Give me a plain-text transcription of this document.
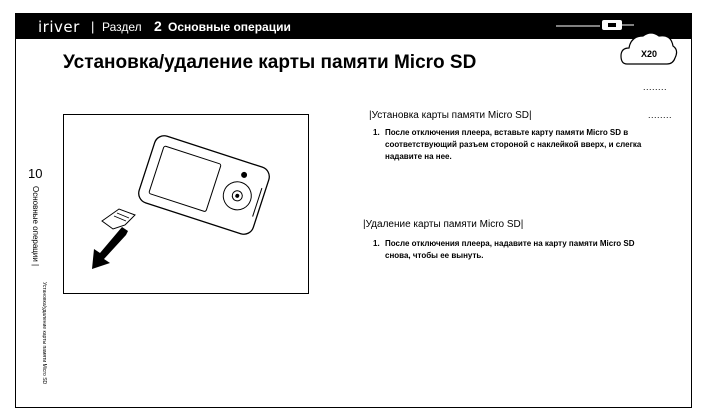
iriver | Раздел 2 Основные операции
X20
Установка/удаление карты памяти Micro SD
........
........
10
Основные операции |
Установка/удаление карты памяти Micro SD
|Установка карты памяти Micro SD|
1. После отключения плеера, вставьте карту памяти Micro SD в соответствующий разъем стороной с наклейкой вверх, и слегка надавите на нее.
|Удаление карты памяти Micro SD|
1. После отключения плеера, надавите на карту памяти Micro SD снова, чтобы ее вынуть.
